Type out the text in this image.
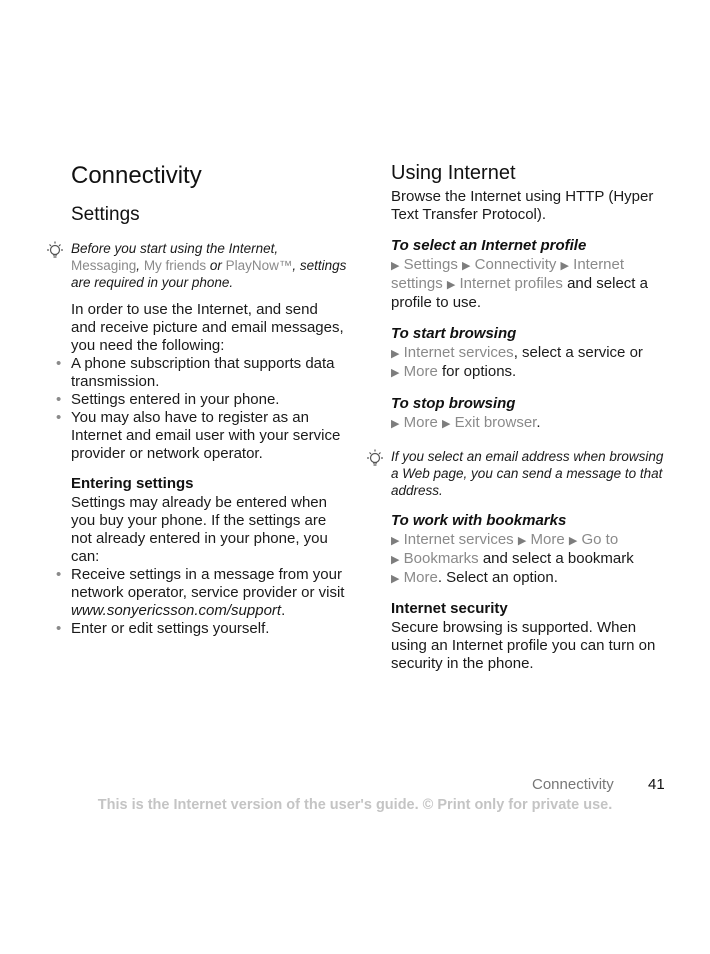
Connectivity
Settings
Before you start using the Internet, Messaging, My friends or PlayNow™, settings are required in your phone.

In order to use the Internet, and send and receive picture and email messages, you need the following:

• A phone subscription that supports data transmission.

• Settings entered in your phone.

• You may also have to register as an Internet and email user with your service provider or network operator.

Entering settings

Settings may already be entered when you buy your phone. If the settings are not already entered in your phone, you can:

• Receive settings in a message from your network operator, service provider or visit www.sonyericsson.com/support.

• Enter or edit settings yourself.

Using Internet

Browse the Internet using HTTP (Hyper Text Transfer Protocol).

To select an Internet profile

▶ Settings ▶ Connectivity ▶ Internet settings ▶ Internet profiles and select a profile to use.

To start browsing

▶ Internet services, select a service or
▶ More for options.

To stop browsing

▶ More ▶ Exit browser.

If you select an email address when browsing a Web page, you can send a message to that address.

To work with bookmarks

▶ Internet services ▶ More ▶ Go to
▶ Bookmarks and select a bookmark
▶ More. Select an option.

Internet security

Secure browsing is supported. When using an Internet profile you can turn on security in the phone.

Connectivity 41
This is the Internet version of the user's guide. © Print only for private use.
